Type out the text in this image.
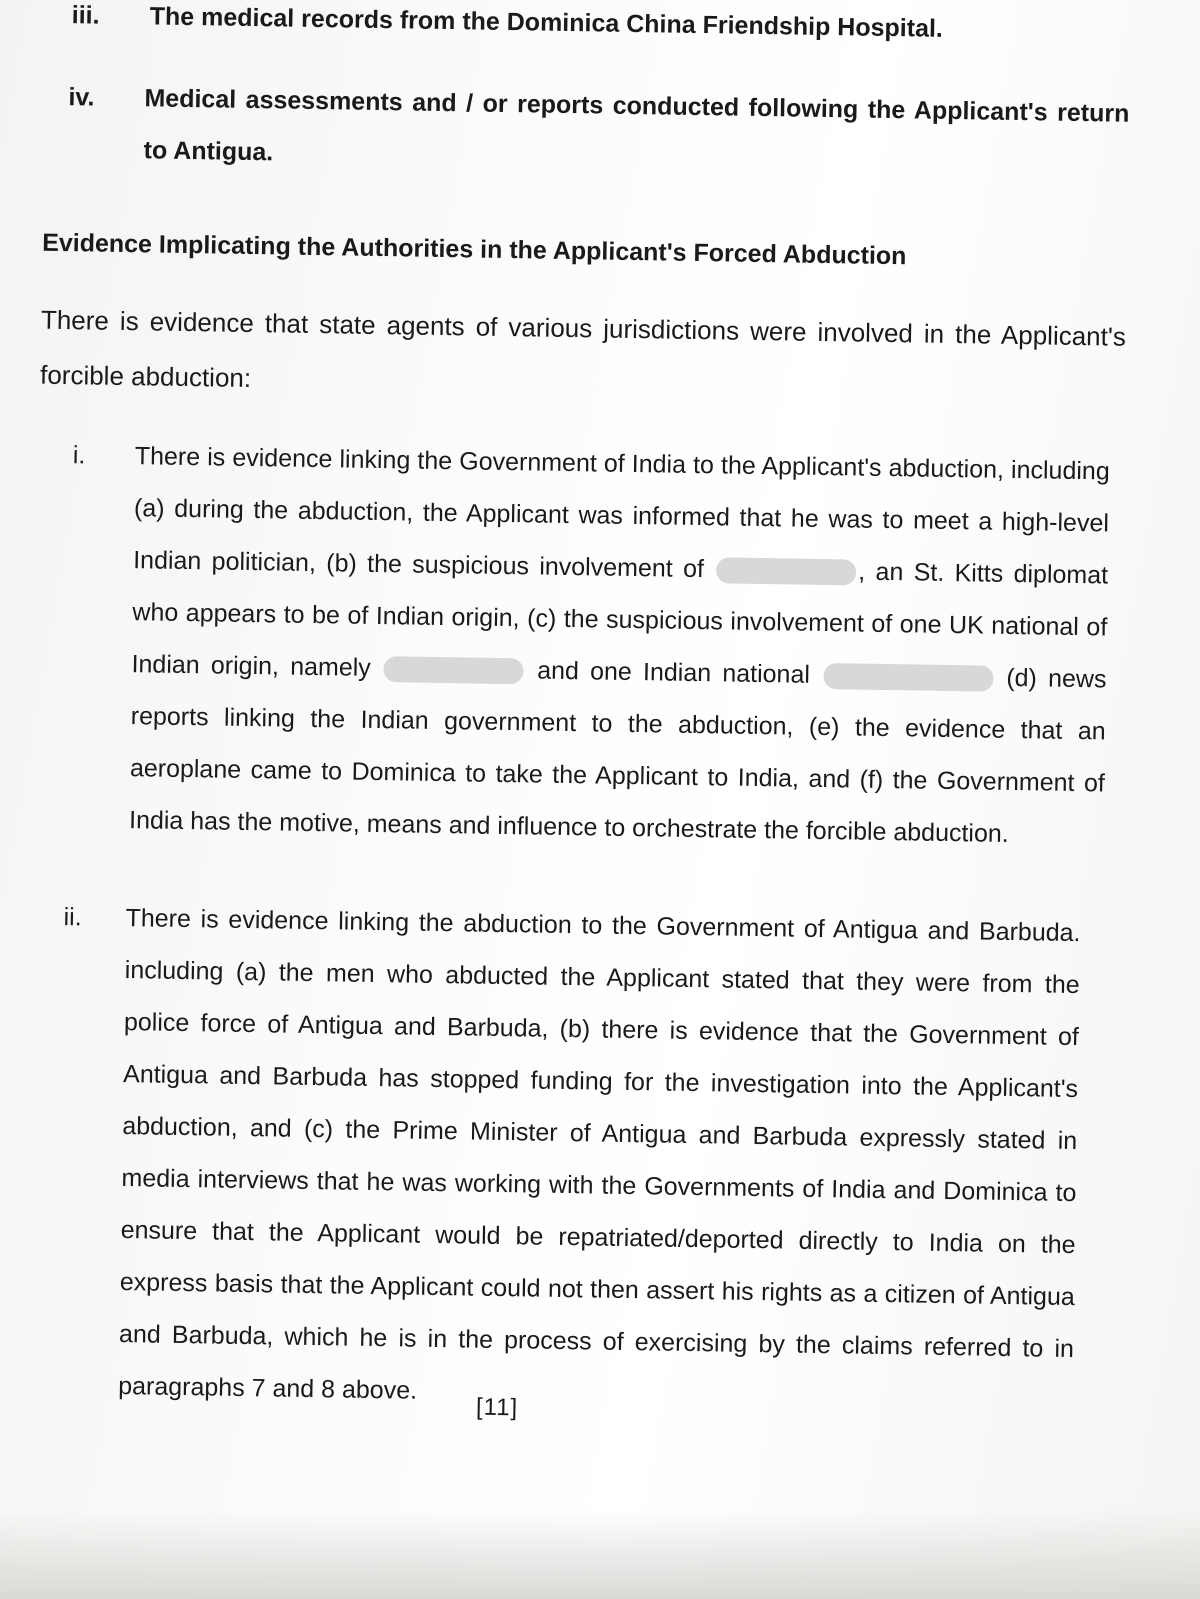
iii. The medical records from the Dominica China Friendship Hospital.
iv. Medical assessments and / or reports conducted following the Applicant's return to Antigua.
Evidence Implicating the Authorities in the Applicant's Forced Abduction
There is evidence that state agents of various jurisdictions were involved in the Applicant's forcible abduction:
i. There is evidence linking the Government of India to the Applicant's abduction, including (a) during the abduction, the Applicant was informed that he was to meet a high-level Indian politician, (b) the suspicious involvement of	, an St. Kitts diplomat who appears to be of Indian origin, (c) the suspicious involvement of one UK national of Indian origin, namely	and one Indian national	(d) news reports linking the Indian government to the abduction, (e) the evidence that an aeroplane came to Dominica to take the Applicant to India, and (f) the Government of India has the motive, means and influence to orchestrate the forcible abduction.
ii.	There is evidence linking the abduction to the Government of Antigua and Barbuda. including (a) the men who abducted the Applicant stated that they were from the police force of Antigua and Barbuda, (b) there is evidence that the Government of Antigua and Barbuda has stopped funding for the investigation into the Applicant's abduction, and (c) the Prime Minister of Antigua and Barbuda expressly stated in media interviews that he was working with the Governments of India and Dominica to ensure that the Applicant would be repatriated/deported directly to India on the express basis that the Applicant could not then assert his rights as a citizen of Antigua and Barbuda, which he is in the process of exercising by the claims referred to in paragraphs 7 and 8 above.
[11]
